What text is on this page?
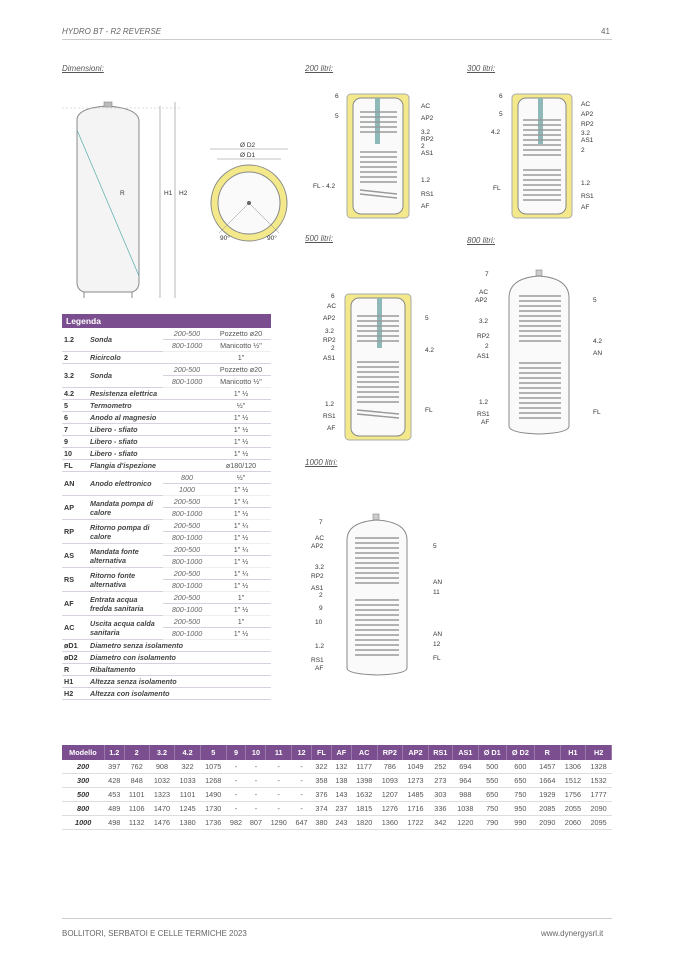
HYDRO BT - R2 REVERSE	41
Dimensioni:	200 litri:	300 litri:
500 litri:	800 litri:
1000 litri:
R	H1 H2
Ø D2
Ø D1
90°	90°
6
5
FL - 4.2
AC
AP2
3.2
RP2
2
AS1
1.2
RS1
AF
6
5
4.2
FL
AC
AP2
RP2
3.2
AS1
2
1.2
RS1
AF
6
AC
AP2
3.2
RP2
2
AS1
1.2
RS1
AF
5
4.2
FL
7
AC
AP2
3.2
RP2
2
AS1
1.2
RS1
AF
5
4.2
AN
FL
7
AC
AP2
3.2
RP2
AS1
2
9
10
1.2
RS1
AF
5
AN
11
AN
12
FL
Legenda			
1.2	Sonda	200-500	Pozzetto ø20
		800-1000	Manicotto ½"
2	Ricircolo		1"
3.2	Sonda	200-500	Pozzetto ø20
		800-1000	Manicotto ½"
4.2	Resistenza elettrica		1" ½
5	Termometro		½"
6	Anodo al magnesio		1" ½
7	Libero - sfiato		1" ½
9	Libero - sfiato		1" ½
10	Libero - sfiato		1" ½
FL	Flangia d'ispezione		ø180/120
AN	Anodo elettronico	800	½"
		1000	1" ½
AP	Mandata pompa di calore	200-500	1" ¼
		800-1000	1" ½
RP	Ritorno pompa di calore	200-500	1" ¼
		800-1000	1" ½
AS	Mandata fonte alternativa	200-500	1" ¼
		800-1000	1" ½
RS	Ritorno fonte alternativa	200-500	1" ¼
		800-1000	1" ½
AF	Entrata acqua fredda sanitaria	200-500	1"
		800-1000	1" ½
AC	Uscita acqua calda sanitaria	200-500	1"
		800-1000	1" ½
øD1	Diametro senza isolamento		
øD2	Diametro con isolamento		
R	Ribaltamento		
H1	Altezza senza isolamento		
H2	Altezza con isolamento		
Modello	1.2	2	3.2	4.2	5	9	10	11	12	FL	AF	AC	RP2	AP2	RS1	AS1	Ø D1	Ø D2	R	H1	H2
200	397	762	908	322	1075	-	-	-	-	322	132	1177	786	1049	252	694	500	600	1457	1306	1328
300	428	848	1032	1033	1268	-	-	-	-	358	138	1398	1093	1273	273	964	550	650	1664	1512	1532
500	453	1101	1323	1101	1490	-	-	-	-	376	143	1632	1207	1485	303	988	650	750	1929	1756	1777
800	489	1106	1470	1245	1730	-	-	-	-	374	237	1815	1276	1716	336	1038	750	950	2085	2055	2090
1000	498	1132	1476	1380	1736	982	807	1290	647	380	243	1820	1360	1722	342	1220	790	990	2090	2060	2095
BOLLITORI, SERBATOI E CELLE TERMICHE 2023	www.dynergysrl.it
